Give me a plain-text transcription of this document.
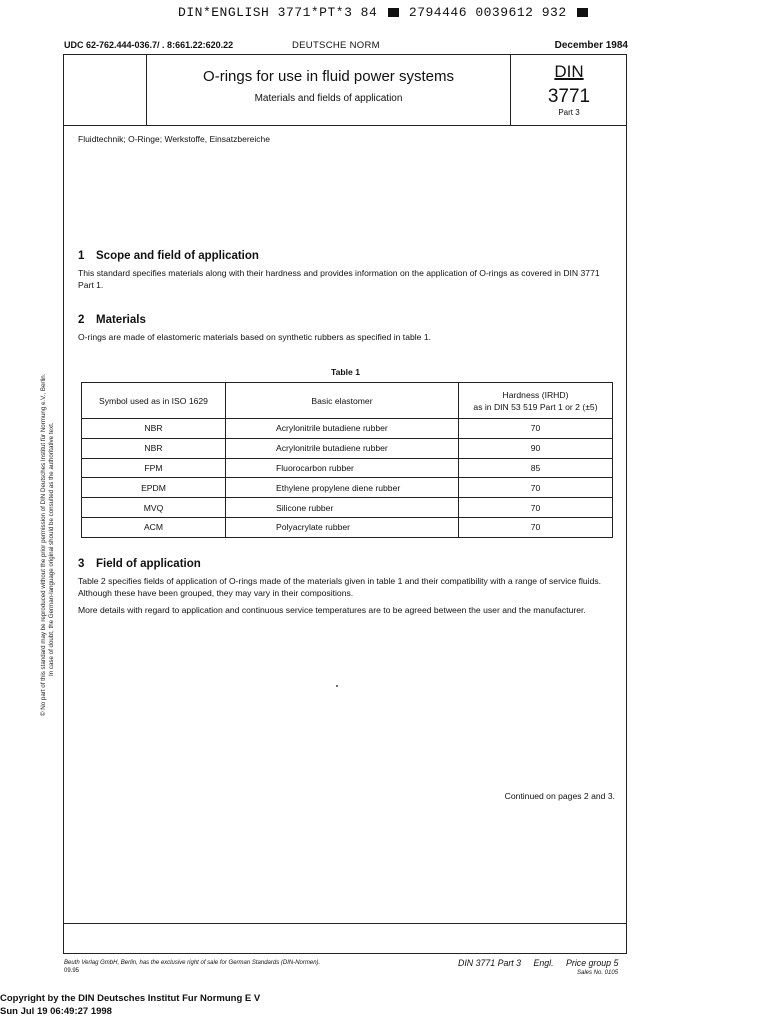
DIN*ENGLISH 3771*PT*3 84 2794446 0039612 932
UDC 62-762.444-036.7/ . 8:661.22:620.22	DEUTSCHE NORM	December 1984
O-rings for use in fluid power systems
Materials and fields of application
DIN
3771
Part 3
Fluidtechnik; O-Ringe; Werkstoffe, Einsatzbereiche
1 Scope and field of application
This standard specifies materials along with their hardness and provides information on the application of O-rings as covered in DIN 3771 Part 1.
2 Materials
O-rings are made of elastomeric materials based on synthetic rubbers as specified in table 1.
Table 1
Symbol used as in ISO 1629	Basic elastomer	Hardness (IRHD)
as in DIN 53 519 Part 1 or 2 (±5)
NBR	Acrylonitrile butadiene rubber	70
NBR	Acrylonitrile butadiene rubber	90
FPM	Fluorocarbon rubber	85
EPDM	Ethylene propylene diene rubber	70
MVQ	Silicone rubber	70
ACM	Polyacrylate rubber	70
3 Field of application
Table 2 specifies fields of application of O-rings made of the materials given in table 1 and their compatibility with a range of service fluids. Although these have been grouped, they may vary in their compositions.
More details with regard to application and continuous service temperatures are to be agreed between the user and the manufacturer.
Continued on pages 2 and 3.
© No part of this standard may be reproduced without the prior permission of DIN Deutsches Institut für Normung e.V., Berlin. In case of doubt, the German-language original should be consulted as the authoritative text.
Beuth Verlag GmbH, Berlin, has the exclusive right of sale for German Standards (DIN-Normen).
09.95
DIN 3771 Part 3 Engl. Price group 5
Sales No. 0105
Copyright by the DIN Deutsches Institut Fur Normung E V
Sun Jul 19 06:49:27 1998
